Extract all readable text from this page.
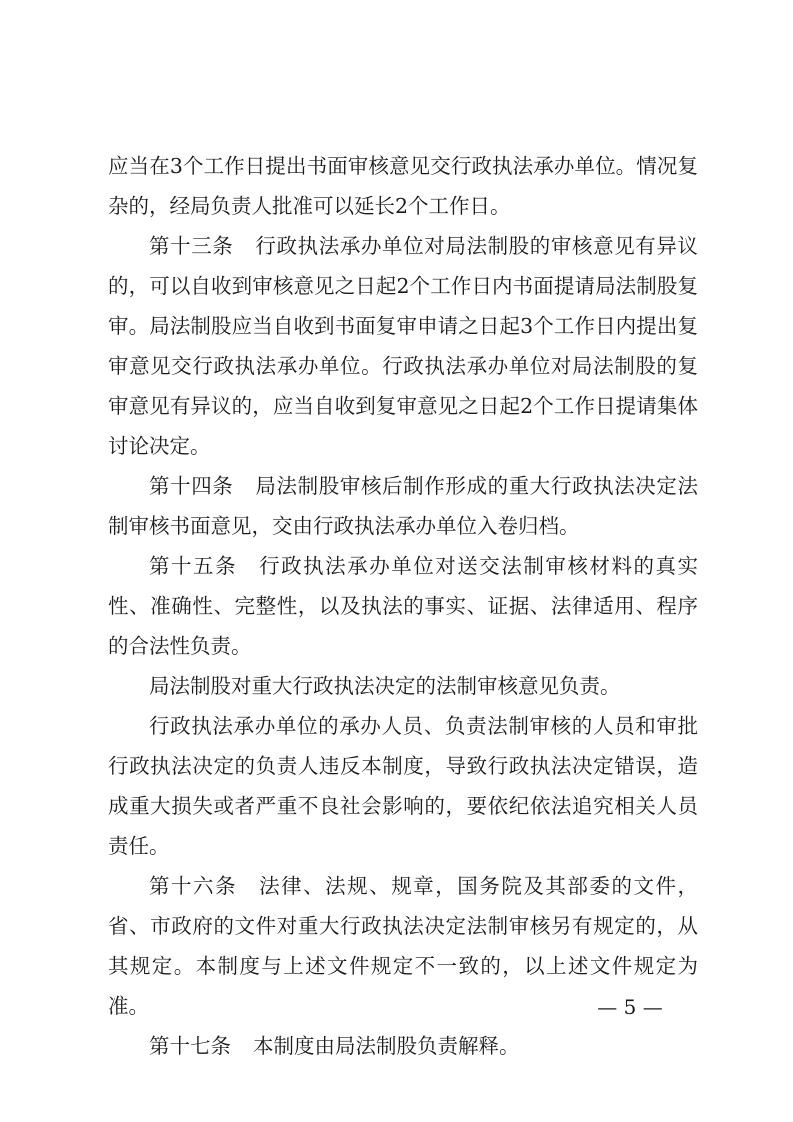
应当在3个工作日提出书面审核意见交行政执法承办单位。情况复杂的，经局负责人批准可以延长2个工作日。

第十三条 行政执法承办单位对局法制股的审核意见有异议的，可以自收到审核意见之日起2个工作日内书面提请局法制股复审。局法制股应当自收到书面复审申请之日起3个工作日内提出复审意见交行政执法承办单位。行政执法承办单位对局法制股的复审意见有异议的，应当自收到复审意见之日起2个工作日提请集体讨论决定。

第十四条 局法制股审核后制作形成的重大行政执法决定法制审核书面意见，交由行政执法承办单位入卷归档。

第十五条 行政执法承办单位对送交法制审核材料的真实性、准确性、完整性，以及执法的事实、证据、法律适用、程序的合法性负责。

局法制股对重大行政执法决定的法制审核意见负责。

行政执法承办单位的承办人员、负责法制审核的人员和审批行政执法决定的负责人违反本制度，导致行政执法决定错误，造成重大损失或者严重不良社会影响的，要依纪依法追究相关人员责任。

第十六条 法律、法规、规章，国务院及其部委的文件，省、市政府的文件对重大行政执法决定法制审核另有规定的，从其规定。本制度与上述文件规定不一致的，以上述文件规定为准。

第十七条 本制度由局法制股负责解释。

— 5 —
